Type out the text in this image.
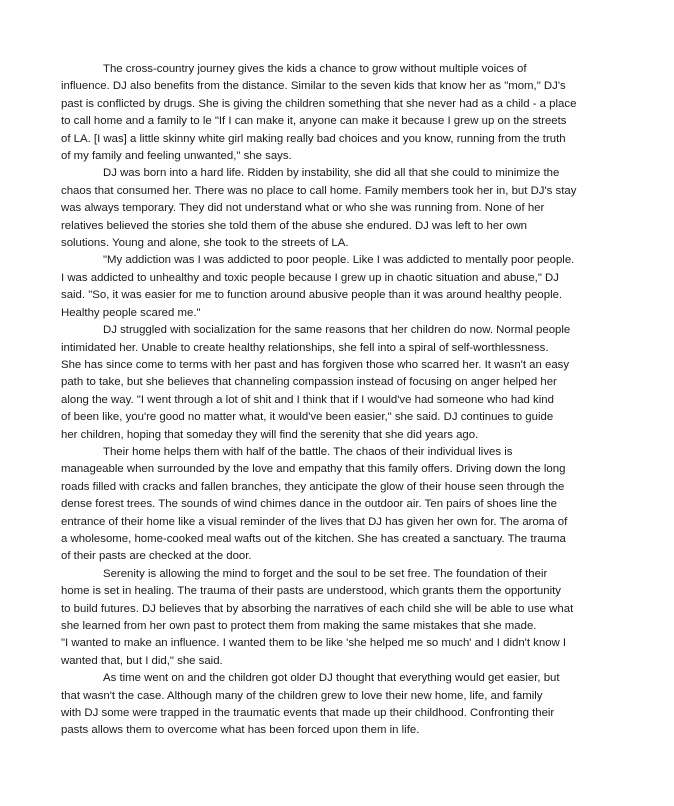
The cross-country journey gives the kids a chance to grow without multiple voices of
influence. DJ also benefits from the distance. Similar to the seven kids that know her as "mom," DJ's
past is conflicted by drugs. She is giving the children something that she never had as a child - a place
to call home and a family to le "If I can make it, anyone can make it because I grew up on the streets
of LA. [I was] a little skinny white girl making really bad choices and you know, running from the truth
of my family and feeling unwanted," she says.
DJ was born into a hard life. Ridden by instability, she did all that she could to minimize the
chaos that consumed her. There was no place to call home. Family members took her in, but DJ's stay
was always temporary. They did not understand what or who she was running from. None of her
relatives believed the stories she told them of the abuse she endured. DJ was left to her own
solutions. Young and alone, she took to the streets of LA.
"My addiction was I was addicted to poor people. Like I was addicted to mentally poor people.
I was addicted to unhealthy and toxic people because I grew up in chaotic situation and abuse," DJ
said. "So, it was easier for me to function around abusive people than it was around healthy people.
Healthy people scared me."
DJ struggled with socialization for the same reasons that her children do now. Normal people
intimidated her. Unable to create healthy relationships, she fell into a spiral of self-worthlessness.
She has since come to terms with her past and has forgiven those who scarred her. It wasn't an easy
path to take, but she believes that channeling compassion instead of focusing on anger helped her
along the way. "I went through a lot of shit and I think that if I would've had someone who had kind
of been like, you're good no matter what, it would've been easier," she said. DJ continues to guide
her children, hoping that someday they will find the serenity that she did years ago.
Their home helps them with half of the battle. The chaos of their individual lives is
manageable when surrounded by the love and empathy that this family offers. Driving down the long
roads filled with cracks and fallen branches, they anticipate the glow of their house seen through the
dense forest trees. The sounds of wind chimes dance in the outdoor air. Ten pairs of shoes line the
entrance of their home like a visual reminder of the lives that DJ has given her own for. The aroma of
a wholesome, home-cooked meal wafts out of the kitchen. She has created a sanctuary. The trauma
of their pasts are checked at the door.
Serenity is allowing the mind to forget and the soul to be set free. The foundation of their
home is set in healing. The trauma of their pasts are understood, which grants them the opportunity
to build futures. DJ believes that by absorbing the narratives of each child she will be able to use what
she learned from her own past to protect them from making the same mistakes that she made.
"I wanted to make an influence. I wanted them to be like 'she helped me so much' and I didn't know I
wanted that, but I did," she said.
As time went on and the children got older DJ thought that everything would get easier, but
that wasn't the case. Although many of the children grew to love their new home, life, and family
with DJ some were trapped in the traumatic events that made up their childhood. Confronting their
pasts allows them to overcome what has been forced upon them in life.
